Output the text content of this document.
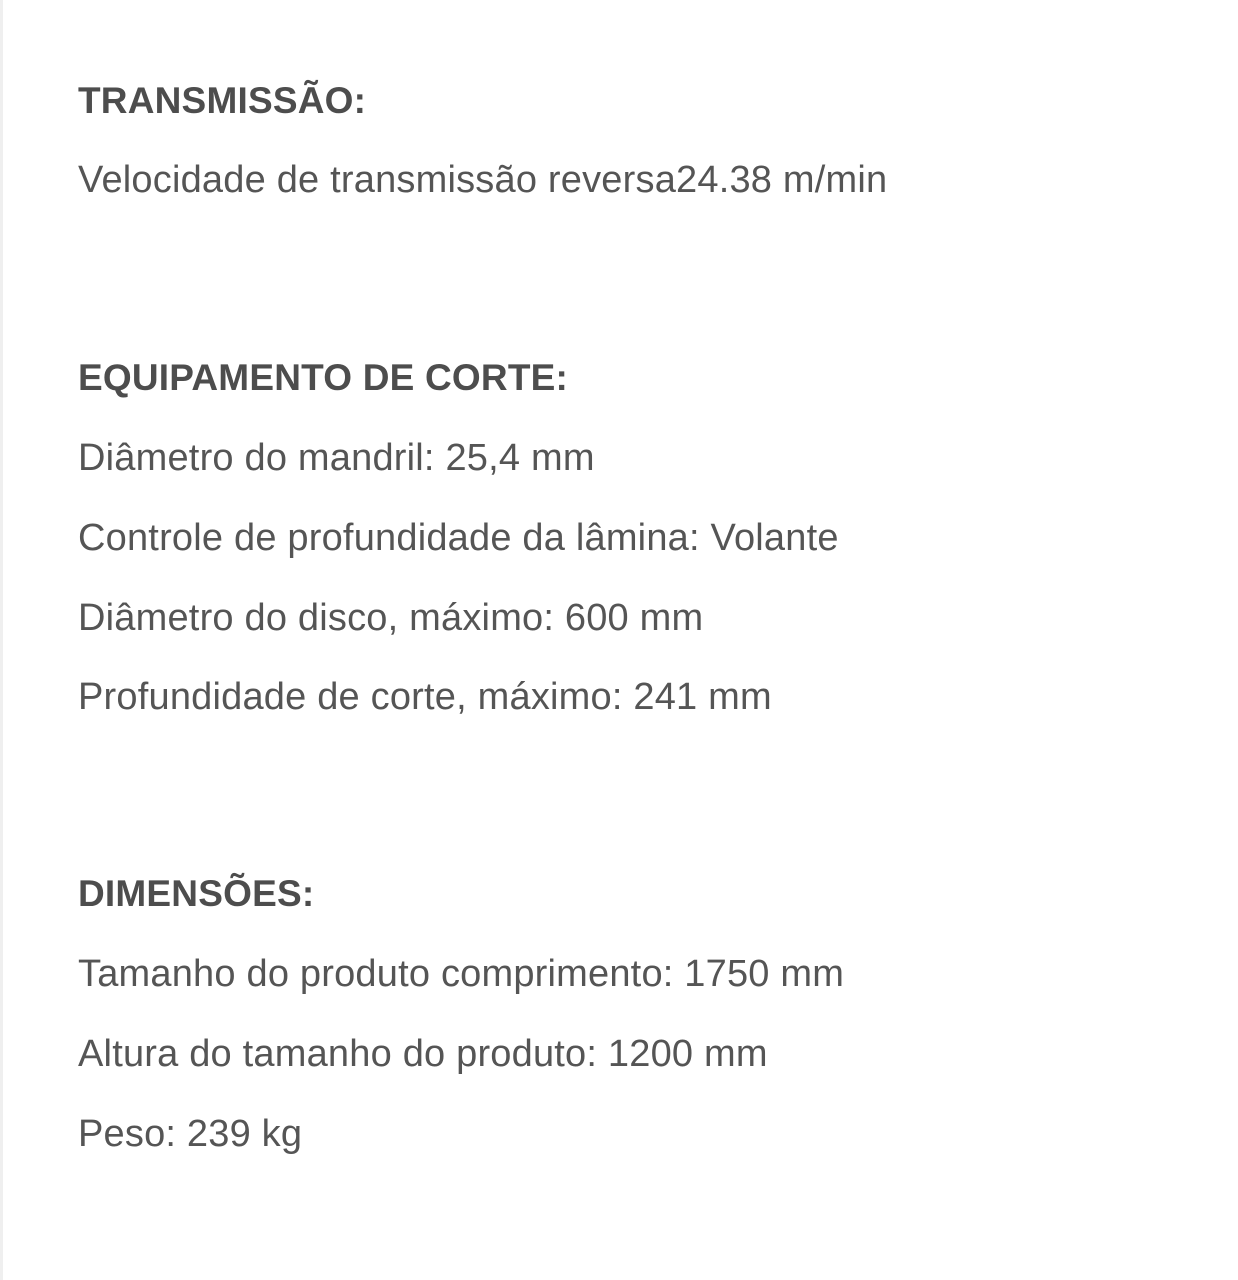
TRANSMISSÃO:
Velocidade de transmissão reversa24.38 m/min
EQUIPAMENTO DE CORTE:
Diâmetro do mandril: 25,4 mm
Controle de profundidade da lâmina: Volante
Diâmetro do disco, máximo: 600 mm
Profundidade de corte, máximo: 241 mm
DIMENSÕES:
Tamanho do produto comprimento: 1750 mm
Altura do tamanho do produto: 1200 mm
Peso: 239 kg
